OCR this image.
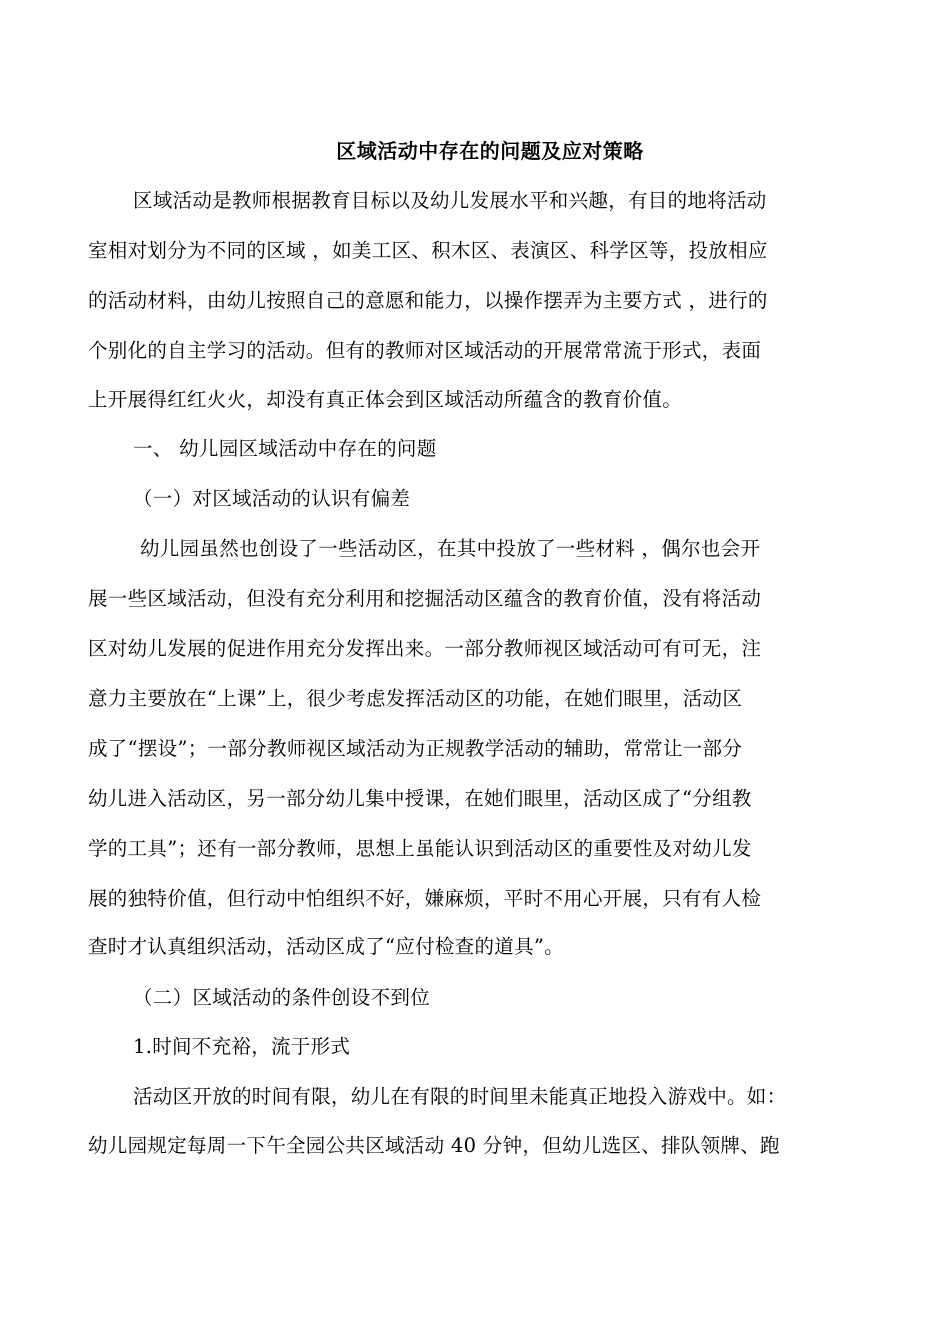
区域活动中存在的问题及应对策略
区域活动是教师根据教育目标以及幼儿发展水平和兴趣，有目的地将活动
室相对划分为不同的区域 ，如美工区、积木区、表演区、科学区等，投放相应
的活动材料，由幼儿按照自己的意愿和能力，以操作摆弄为主要方式 ，进行的
个别化的自主学习的活动。但有的教师对区域活动的开展常常流于形式，表面
上开展得红红火火，却没有真正体会到区域活动所蕴含的教育价值。
一、 幼儿园区域活动中存在的问题
（一）对区域活动的认识有偏差
幼儿园虽然也创设了一些活动区，在其中投放了一些材料 ，偶尔也会开
展一些区域活动，但没有充分利用和挖掘活动区蕴含的教育价值，没有将活动
区对幼儿发展的促进作用充分发挥出来。一部分教师视区域活动可有可无，注
意力主要放在“上课”上，很少考虑发挥活动区的功能，在她们眼里，活动区
成了“摆设”；一部分教师视区域活动为正规教学活动的辅助，常常让一部分
幼儿进入活动区，另一部分幼儿集中授课，在她们眼里，活动区成了“分组教
学的工具”；还有一部分教师，思想上虽能认识到活动区的重要性及对幼儿发
展的独特价值，但行动中怕组织不好，嫌麻烦，平时不用心开展，只有有人检
查时才认真组织活动，活动区成了“应付检查的道具”。
（二）区域活动的条件创设不到位
1.时间不充裕，流于形式
活动区开放的时间有限，幼儿在有限的时间里未能真正地投入游戏中。如：
幼儿园规定每周一下午全园公共区域活动 40 分钟，但幼儿选区、排队领牌、跑
